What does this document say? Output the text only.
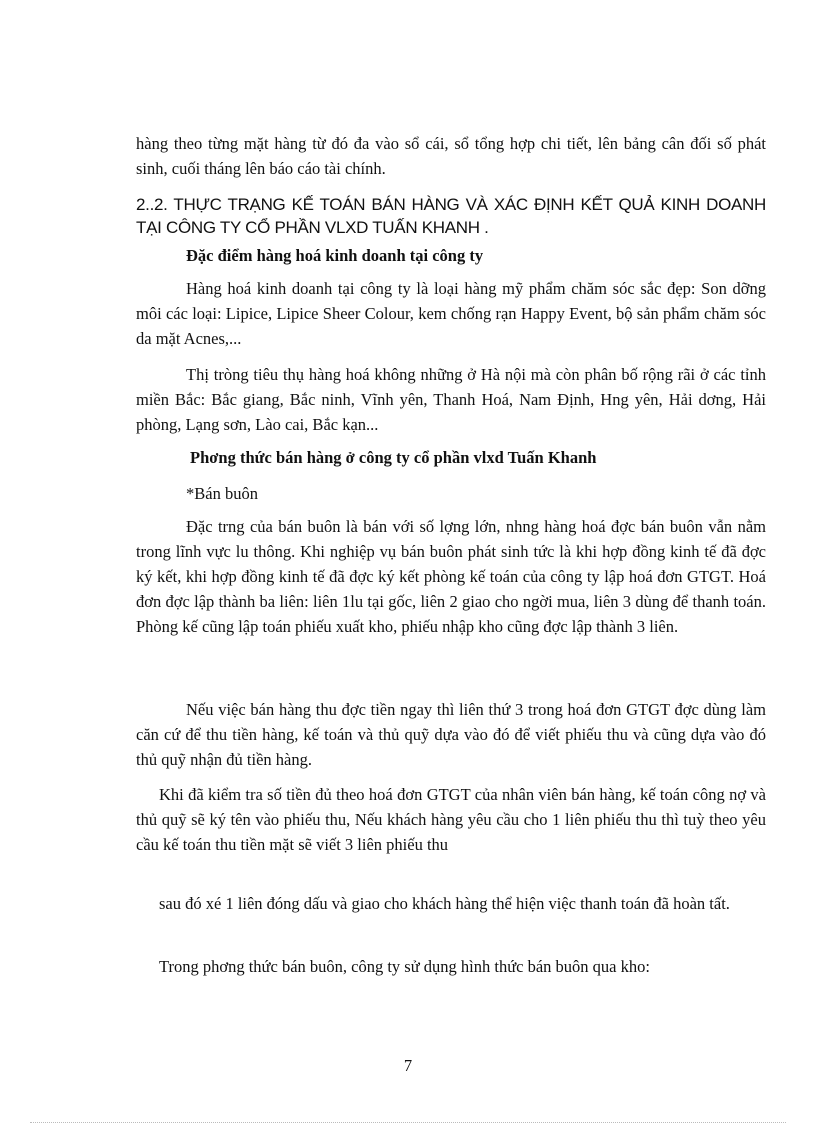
hàng theo từng mặt hàng từ đó đa vào sổ cái, sổ tổng hợp chi tiết, lên bảng cân đối số phát sinh, cuối tháng lên báo cáo tài chính.
2..2. THỰC TRẠNG KẾ TOÁN BÁN HÀNG VÀ XÁC ĐỊNH KẾT QUẢ KINH DOANH TẠI CÔNG TY CỔ PHẦN VLXD TUẤN KHANH .
Đặc điểm hàng hoá kinh doanh tại công ty
Hàng hoá kinh doanh tại công ty là loại hàng mỹ phẩm chăm sóc sắc đẹp: Son dỡng môi các loại: Lipice, Lipice Sheer Colour, kem chống rạn Happy Event, bộ sản phẩm chăm sóc da mặt Acnes,...
Thị tròng tiêu thụ hàng hoá không những ở Hà nội mà còn phân bố rộng rãi ở các tỉnh miền Bắc: Bắc giang, Bắc ninh, Vĩnh yên, Thanh Hoá, Nam Định, Hng yên, Hải dơng, Hải phòng, Lạng sơn, Lào cai, Bắc kạn...
Phơng thức bán hàng ở công ty cổ phần vlxd Tuấn Khanh
*Bán buôn
Đặc trng của bán buôn là bán với số lợng lớn, nhng hàng hoá đợc bán buôn vẫn nằm trong lĩnh vực lu thông. Khi nghiệp vụ bán buôn phát sinh tức là khi hợp đồng kinh tế đã đợc ký kết, khi hợp đồng kinh tế đã đợc ký kết phòng kế toán của công ty lập hoá đơn GTGT. Hoá đơn đợc lập thành ba liên: liên 1lu tại gốc, liên 2 giao cho ngời mua, liên 3 dùng để thanh toán. Phòng kế cũng lập toán phiếu xuất kho, phiếu nhập kho cũng đợc lập thành 3 liên.
Nếu việc bán hàng thu đợc tiền ngay thì liên thứ 3 trong hoá đơn GTGT đợc dùng làm căn cứ để thu tiền hàng, kế toán và thủ quỹ dựa vào đó để viết phiếu thu và cũng dựa vào đó thủ quỹ nhận đủ tiền hàng.
Khi đã kiểm tra số tiền đủ theo hoá đơn GTGT của nhân viên bán hàng, kế toán công nợ và thủ quỹ sẽ ký tên vào phiếu thu, Nếu khách hàng yêu cầu cho 1 liên phiếu thu thì tuỳ theo yêu cầu kế toán thu tiền mặt sẽ viết 3 liên phiếu thu
sau đó xé 1 liên đóng dấu và giao cho khách hàng thể hiện việc thanh toán đã hoàn tất.
Trong phơng thức bán buôn, công ty sử dụng hình thức bán buôn qua kho:
7
